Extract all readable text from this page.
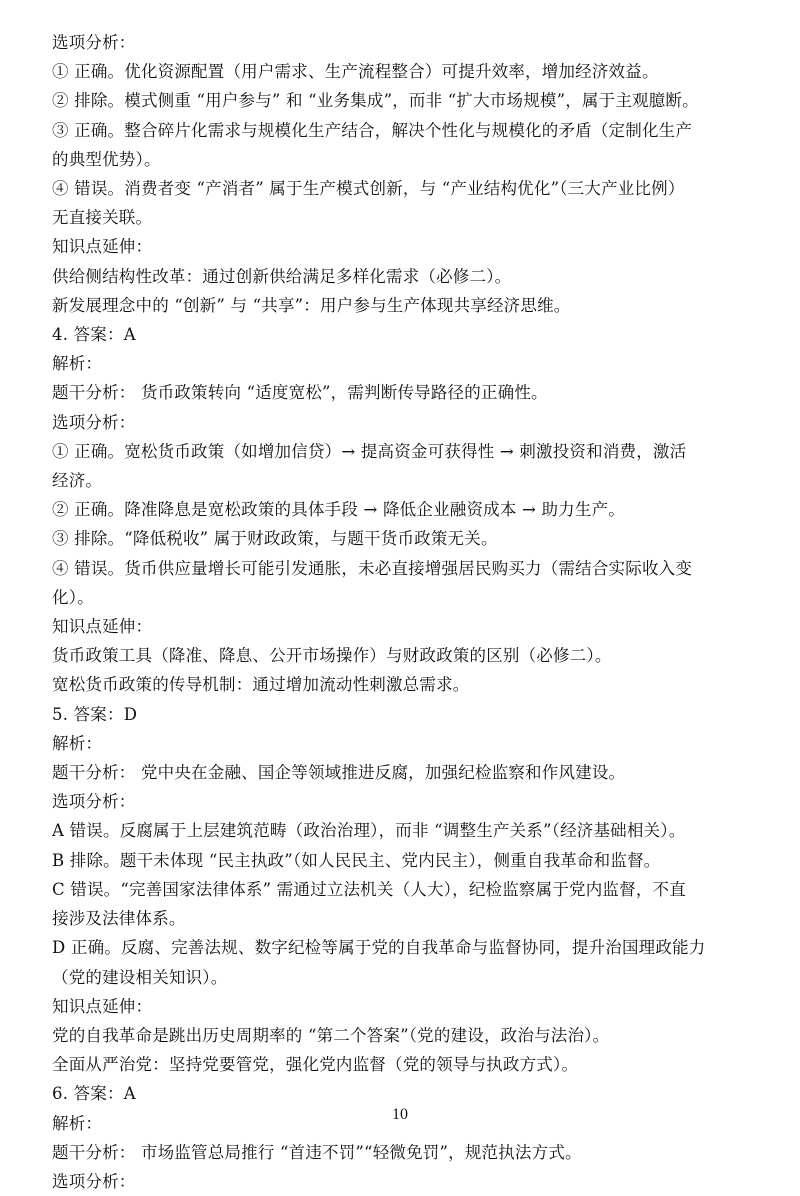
选项分析：
① 正确。优化资源配置（用户需求、生产流程整合）可提升效率，增加经济效益。
② 排除。模式侧重 “用户参与” 和 “业务集成”，而非 “扩大市场规模”，属于主观臆断。
③ 正确。整合碎片化需求与规模化生产结合，解决个性化与规模化的矛盾（定制化生产
的典型优势）。
④ 错误。消费者变 “产消者” 属于生产模式创新，与 “产业结构优化”（三大产业比例）
无直接关联。
知识点延伸：
供给侧结构性改革：通过创新供给满足多样化需求（必修二）。
新发展理念中的 “创新” 与 “共享”：用户参与生产体现共享经济思维。
4. 答案：A
解析：
题干分析： 货币政策转向 “适度宽松”，需判断传导路径的正确性。
选项分析：
① 正确。宽松货币政策（如增加信贷）→ 提高资金可获得性 → 刺激投资和消费，激活
经济。
② 正确。降准降息是宽松政策的具体手段 → 降低企业融资成本 → 助力生产。
③ 排除。“降低税收” 属于财政政策，与题干货币政策无关。
④ 错误。货币供应量增长可能引发通胀，未必直接增强居民购买力（需结合实际收入变
化）。
知识点延伸：
货币政策工具（降准、降息、公开市场操作）与财政政策的区别（必修二）。
宽松货币政策的传导机制：通过增加流动性刺激总需求。
5. 答案：D
解析：
题干分析： 党中央在金融、国企等领域推进反腐，加强纪检监察和作风建设。
选项分析：
A 错误。反腐属于上层建筑范畴（政治治理），而非 “调整生产关系”（经济基础相关）。
B 排除。题干未体现 “民主执政”（如人民民主、党内民主），侧重自我革命和监督。
C 错误。“完善国家法律体系” 需通过立法机关（人大），纪检监察属于党内监督，不直
接涉及法律体系。
D 正确。反腐、完善法规、数字纪检等属于党的自我革命与监督协同，提升治国理政能力
（党的建设相关知识）。
知识点延伸：
党的自我革命是跳出历史周期率的 “第二个答案”（党的建设，政治与法治）。
全面从严治党：坚持党要管党，强化党内监督（党的领导与执政方式）。
6. 答案：A
解析：
题干分析： 市场监管总局推行 “首违不罚”“轻微免罚”，规范执法方式。
选项分析：
10
